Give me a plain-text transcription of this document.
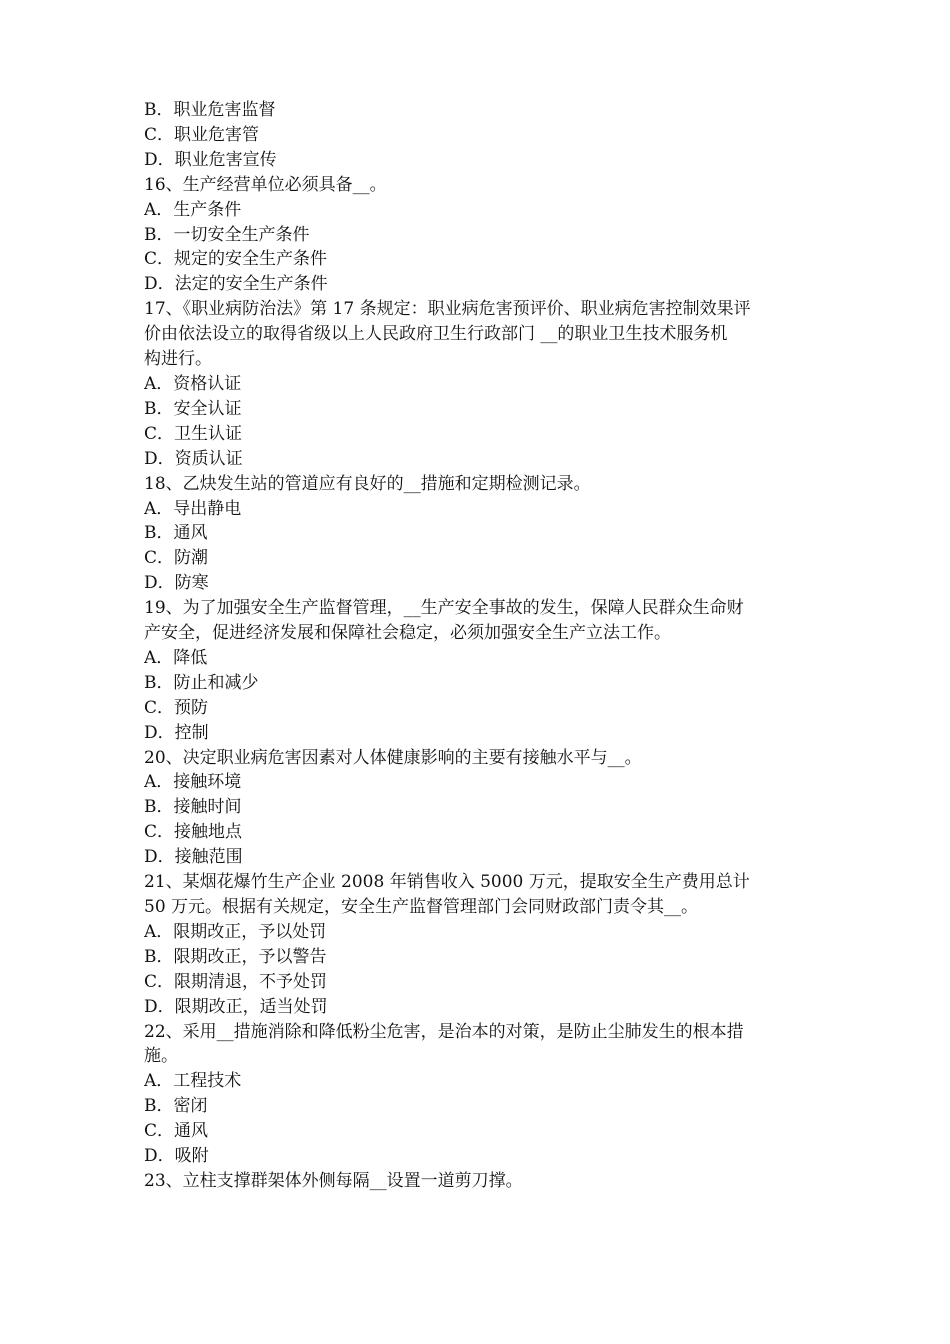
B．职业危害监督
C．职业危害管
D．职业危害宣传
16、生产经营单位必须具备__。
A．生产条件
B．一切安全生产条件
C．规定的安全生产条件
D．法定的安全生产条件
17、《职业病防治法》第 17 条规定：职业病危害预评价、职业病危害控制效果评
价由依法设立的取得省级以上人民政府卫生行政部门 __的职业卫生技术服务机
构进行。
A．资格认证
B．安全认证
C．卫生认证
D．资质认证
18、乙炔发生站的管道应有良好的__措施和定期检测记录。
A．导出静电
B．通风
C．防潮
D．防寒
19、为了加强安全生产监督管理，__生产安全事故的发生，保障人民群众生命财
产安全，促进经济发展和保障社会稳定，必须加强安全生产立法工作。
A．降低
B．防止和减少
C．预防
D．控制
20、决定职业病危害因素对人体健康影响的主要有接触水平与__。
A．接触环境
B．接触时间
C．接触地点
D．接触范围
21、某烟花爆竹生产企业 2008 年销售收入 5000 万元，提取安全生产费用总计
50 万元。根据有关规定，安全生产监督管理部门会同财政部门责令其__。
A．限期改正，予以处罚
B．限期改正，予以警告
C．限期清退，不予处罚
D．限期改正，适当处罚
22、采用__措施消除和降低粉尘危害，是治本的对策，是防止尘肺发生的根本措
施。
A．工程技术
B．密闭
C．通风
D．吸附
23、立柱支撑群架体外侧每隔__设置一道剪刀撑。
